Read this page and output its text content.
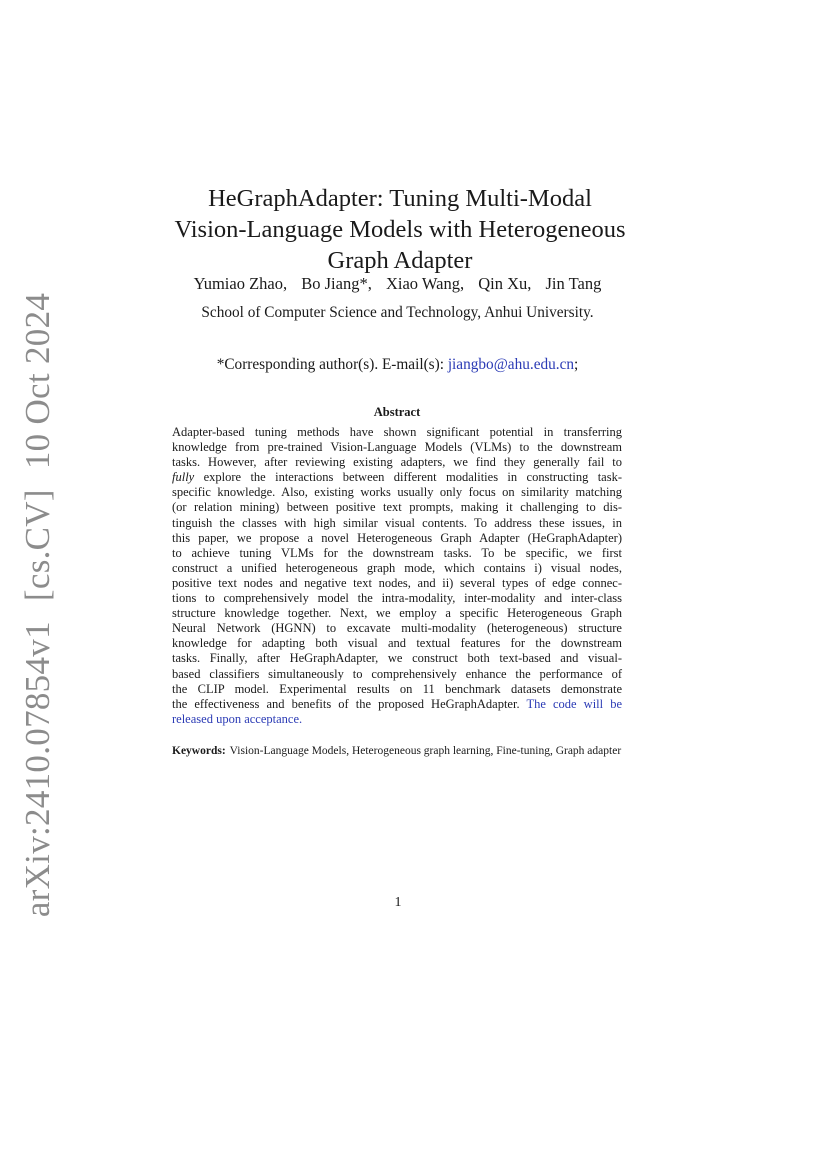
arXiv:2410.07854v1[cs.CV]10 Oct 2024
HeGraphAdapter: Tuning Multi-Modal
Vision-Language Models with Heterogeneous
Graph Adapter
Yumiao Zhao, Bo Jiang*, Xiao Wang, Qin Xu, Jin Tang
School of Computer Science and Technology, Anhui University.
*Corresponding author(s). E-mail(s): jiangbo@ahu.edu.cn;
Abstract
Adapter-based tuning methods have shown significant potential in transferring
knowledge from pre-trained Vision-Language Models (VLMs) to the downstream
tasks. However, after reviewing existing adapters, we find they generally fail to
fully explore the interactions between different modalities in constructing task-
specific knowledge. Also, existing works usually only focus on similarity matching
(or relation mining) between positive text prompts, making it challenging to dis-
tinguish the classes with high similar visual contents. To address these issues, in
this paper, we propose a novel Heterogeneous Graph Adapter (HeGraphAdapter)
to achieve tuning VLMs for the downstream tasks. To be specific, we first
construct a unified heterogeneous graph mode, which contains i) visual nodes,
positive text nodes and negative text nodes, and ii) several types of edge connec-
tions to comprehensively model the intra-modality, inter-modality and inter-class
structure knowledge together. Next, we employ a specific Heterogeneous Graph
Neural Network (HGNN) to excavate multi-modality (heterogeneous) structure
knowledge for adapting both visual and textual features for the downstream
tasks. Finally, after HeGraphAdapter, we construct both text-based and visual-
based classifiers simultaneously to comprehensively enhance the performance of
the CLIP model. Experimental results on 11 benchmark datasets demonstrate
the effectiveness and benefits of the proposed HeGraphAdapter. The code will be
released upon acceptance.

Keywords: Vision-Language Models, Heterogeneous graph learning, Fine-tuning, Graph adapter

1
